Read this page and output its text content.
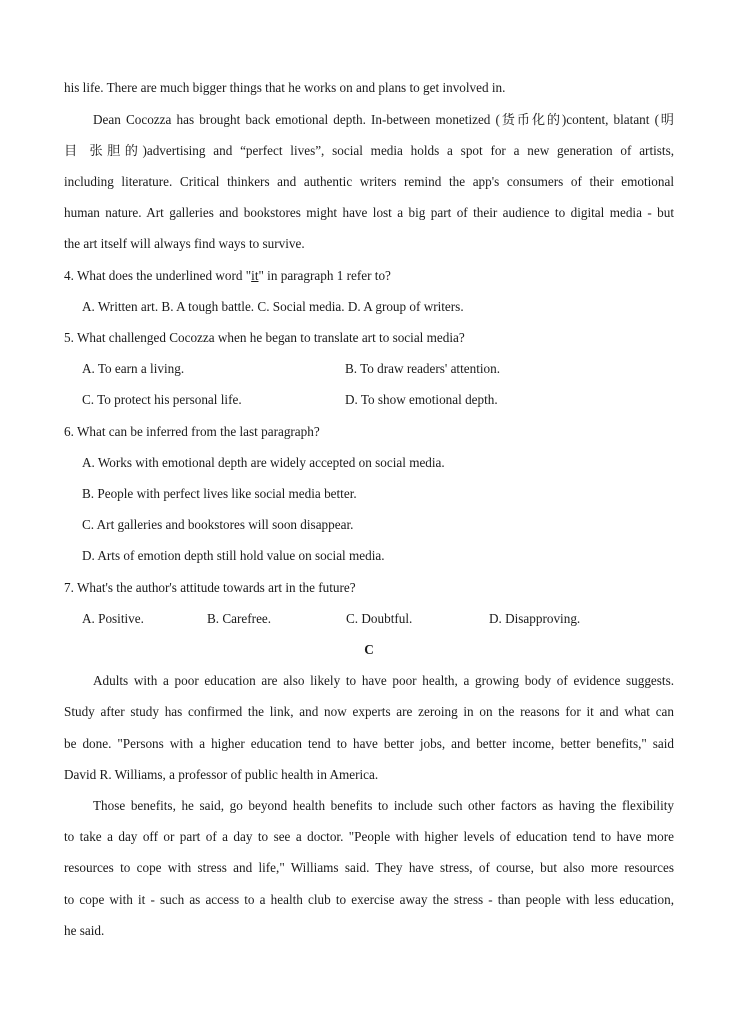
his life. There are much bigger things that he works on and plans to get involved in.
Dean Cocozza has brought back emotional depth. In-between monetized (货币化的)content, blatant (明
目 张胆的)advertising and “perfect lives”, social media holds a spot for a new generation of artists,
including literature. Critical thinkers and authentic writers remind the app's consumers of their emotional
human nature. Art galleries and bookstores might have lost a big part of their audience to digital media - but
the art itself will always find ways to survive.
4. What does the underlined word "it" in paragraph 1 refer to?
A. Written art. B. A tough battle. C. Social media. D. A group of writers.
5. What challenged Cocozza when he began to translate art to social media?
A. To earn a living.	B. To draw readers' attention.
C. To protect his personal life.	D. To show emotional depth.
6. What can be inferred from the last paragraph?
A. Works with emotional depth are widely accepted on social media.
B. People with perfect lives like social media better.
C. Art galleries and bookstores will soon disappear.
D. Arts of emotion depth still hold value on social media.
7. What's the author's attitude towards art in the future?
A. Positive.	B. Carefree.	C. Doubtful.	D. Disapproving.
C
Adults with a poor education are also likely to have poor health, a growing body of evidence suggests.
Study after study has confirmed the link, and now experts are zeroing in on the reasons for it and what can
be done. "Persons with a higher education tend to have better jobs, and better income, better benefits," said
David R. Williams, a professor of public health in America.
Those benefits, he said, go beyond health benefits to include such other factors as having the flexibility
to take a day off or part of a day to see a doctor. "People with higher levels of education tend to have more
resources to cope with stress and life," Williams said. They have stress, of course, but also more resources
to cope with it - such as access to a health club to exercise away the stress - than people with less education,
he said.
